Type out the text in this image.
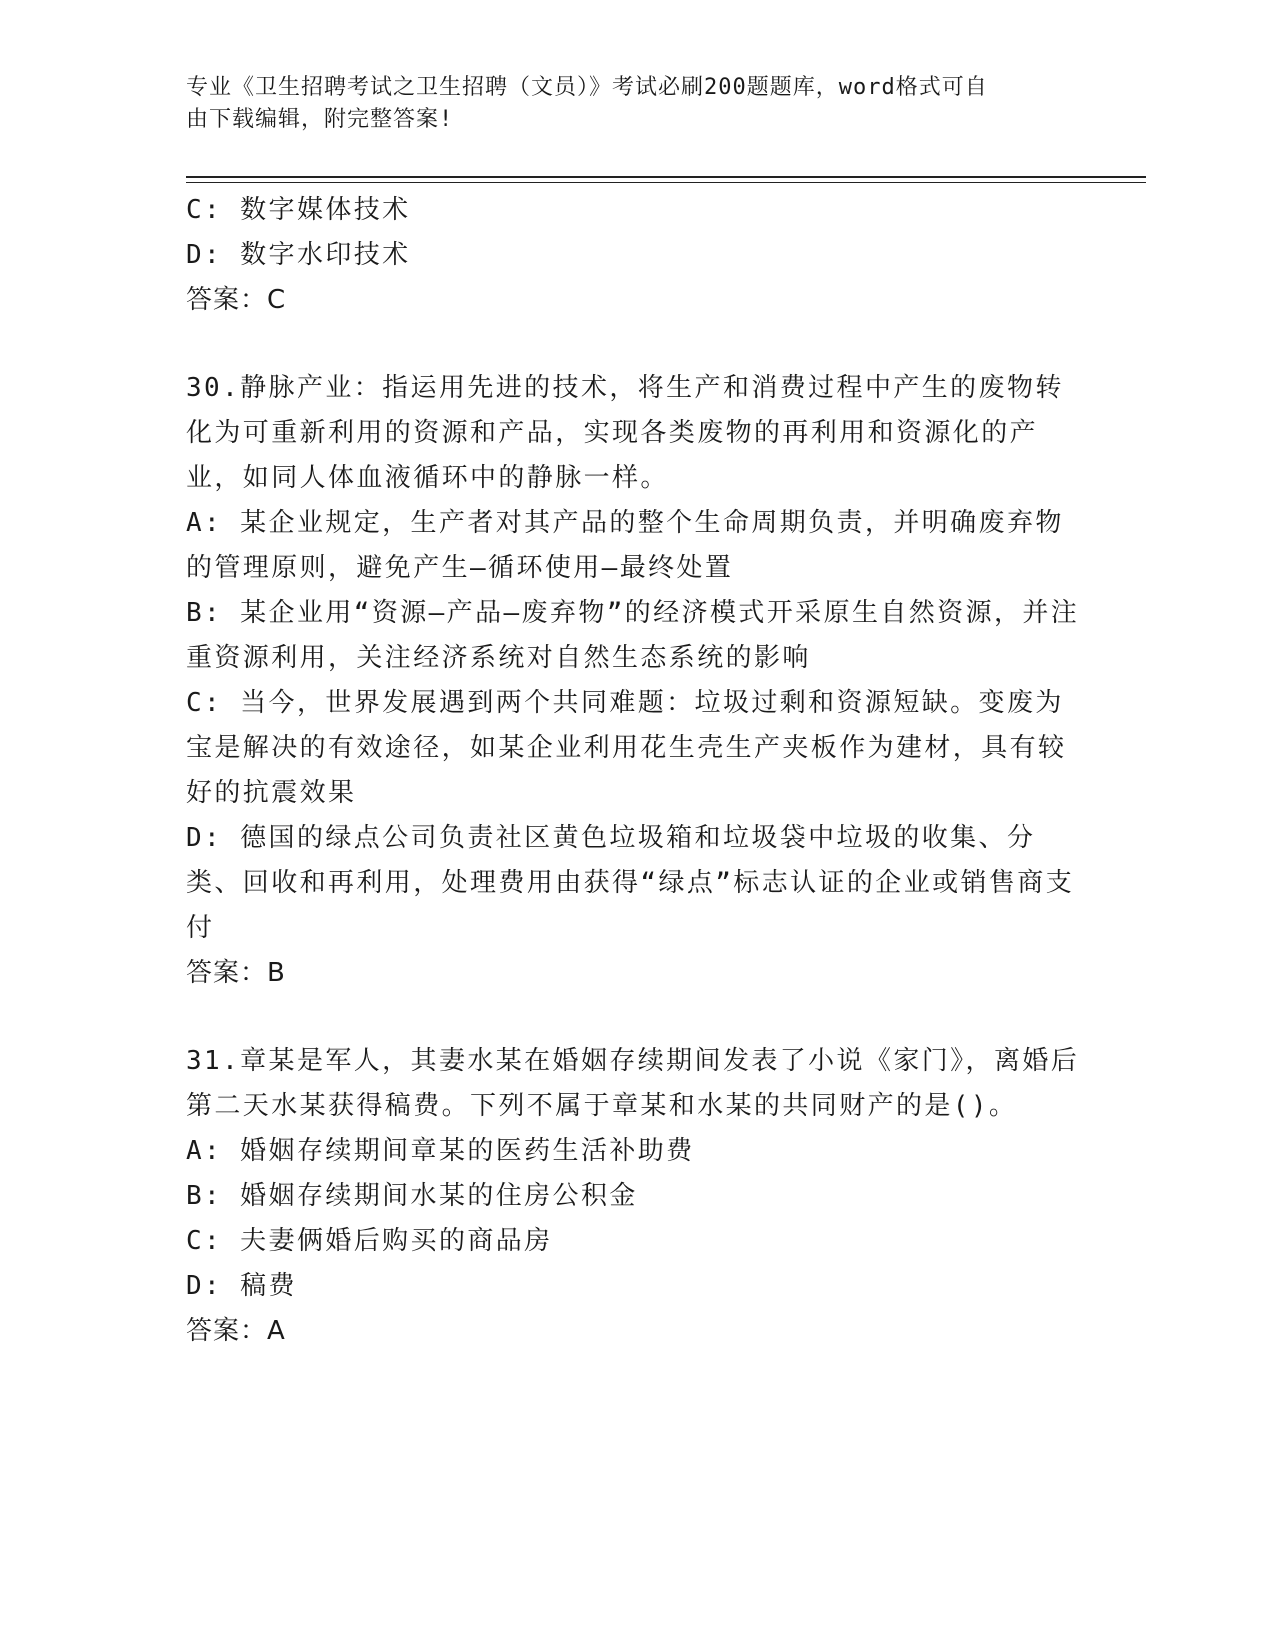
专业《卫生招聘考试之卫生招聘（文员）》考试必刷200题题库，word格式可自
由下载编辑，附完整答案!

C: 数字媒体技术

D: 数字水印技术

答案：C

30.静脉产业：指运用先进的技术，将生产和消费过程中产生的废物转化为可重新利用的资源和产品，实现各类废物的再利用和资源化的产业，如同人体血液循环中的静脉一样。

A: 某企业规定，生产者对其产品的整个生命周期负责，并明确废弃物的管理原则，避免产生—循环使用—最终处置

B: 某企业用“资源—产品—废弃物”的经济模式开采原生自然资源，并注重资源利用，关注经济系统对自然生态系统的影响

C: 当今，世界发展遇到两个共同难题：垃圾过剩和资源短缺。变废为宝是解决的有效途径，如某企业利用花生壳生产夹板作为建材，具有较好的抗震效果

D: 德国的绿点公司负责社区黄色垃圾箱和垃圾袋中垃圾的收集、分类、回收和再利用，处理费用由获得“绿点”标志认证的企业或销售商支付

答案：B

31.章某是军人，其妻水某在婚姻存续期间发表了小说《家门》，离婚后第二天水某获得稿费。下列不属于章某和水某的共同财产的是()。

A: 婚姻存续期间章某的医药生活补助费

B: 婚姻存续期间水某的住房公积金

C: 夫妻俩婚后购买的商品房

D: 稿费

答案：A
